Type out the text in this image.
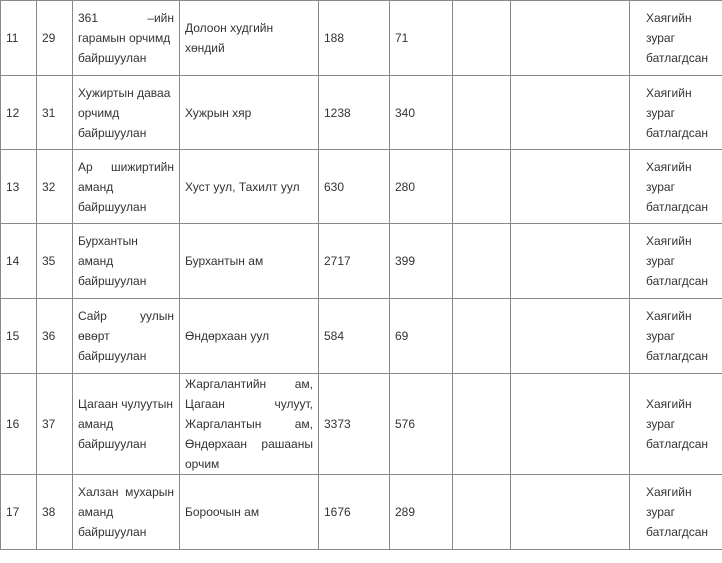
11	29	361 –ийн
гарамын орчимд
байршуулан	Долоон худгийн хөндий	188	71			Хаягийн
зураг
батлагдсан

12	31	Хужиртын даваа
орчимд
байршуулан	Хужрын хяр	1238	340			Хаягийн
зураг
батлагдсан

13	32	Ар шижиртийн
аманд
байршуулан	Хуст уул, Тахилт уул	630	280			Хаягийн
зураг
батлагдсан

14	35	Бурхантын
аманд
байршуулан	Бурхантын ам	2717	399			Хаягийн
зураг
батлагдсан

15	36	Сайр уулын
өвөрт
байршуулан	Өндөрхаан уул	584	69			Хаягийн
зураг
батлагдсан

16	37	Цагаан чулуутын
аманд
байршуулан	Жаргалантийн ам,
Цагаан чулуут,
Жаргалантын ам,
Өндөрхаан рашааны
орчим	3373	576			Хаягийн
зураг
батлагдсан

17	38	Халзан мухарын
аманд
байршуулан	Бороочын ам	1676	289			Хаягийн
зураг
батлагдсан
